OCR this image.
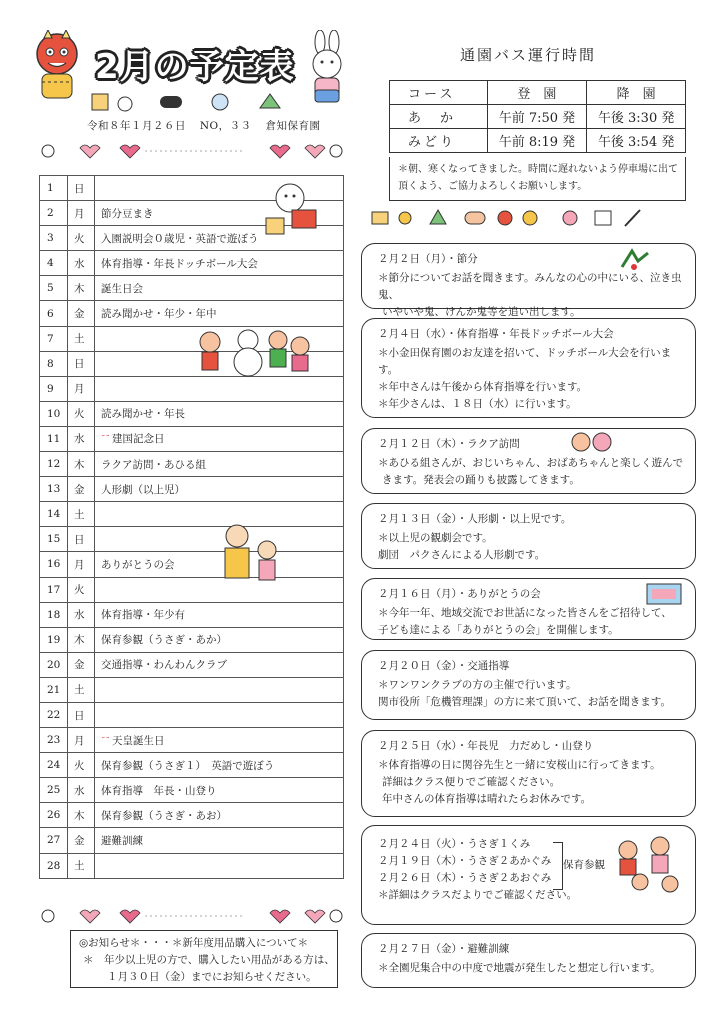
2月の予定表
令和８年１月２６日 NO，３３ 倉知保育園
通園バス運行時間
コース	登　園	降　園
あ　か	午前 7:50 発	午後 3:30 発
みどり	午前 8:19 発	午後 3:54 発
＊朝、寒くなってきました。時間に遅れないよう停車場に出て頂くよう、ご協力よろしくお願いします。
1	日	
2	月	節分豆まき
3	火	入園説明会０歳児・英語で遊ぼう
4	水	体育指導・年長ドッチボール大会
5	木	誕生日会
6	金	読み聞かせ・年少・年中
7	土	
8	日	
9	月	
10	火	読み聞かせ・年長
11	水	˘˘ 建国記念日
12	木	ラクア訪問・あひる組
13	金	人形劇（以上児）
14	土	
15	日	
16	月	ありがとうの会
17	火	
18	水	体育指導・年少有
19	木	保育参観（うさぎ・あか）
20	金	交通指導・わんわんクラブ
21	土	
22	日	
23	月	˘˘ 天皇誕生日
24	火	保育参観（うさぎ１）　英語で遊ぼう
25	水	体育指導　年長・山登り
26	木	保育参観（うさぎ・あお）
27	金	避難訓練
28	土	

２月２日（月）・節分

＊節分についてお話を聞きます。みんなの心の中にいる、泣き虫鬼、

いやいや鬼、けんか鬼等を追い出します。

２月４日（水）・体育指導・年長ドッチボール大会

＊小金田保育園のお友達を招いて、ドッチボール大会を行います。

＊年中さんは午後から体育指導を行います。

＊年少さんは、１８日（水）に行います。

２月１２日（木）・ラクア訪問

＊あひる組さんが、おじいちゃん、おばあちゃんと楽しく遊んで

きます。発表会の踊りも披露してきます。

２月１３日（金）・人形劇・以上児です。

＊以上児の観劇会です。

劇団　パクさんによる人形劇です。

２月１６日（月）・ありがとうの会

＊今年一年、地域交流でお世話になった皆さんをご招待して、

子ども達による「ありがとうの会」を開催します。

２月２０日（金）・交通指導

＊ワンワンクラブの方の主催で行います。

関市役所「危機管理課」の方に来て頂いて、お話を聞きます。

２月２５日（水）・年長児　力だめし・山登り

＊体育指導の日に関谷先生と一緒に安桜山に行ってきます。

詳細はクラス便りでご確認ください。

年中さんの体育指導は晴れたらお休みです。

２月２４日（火）・うさぎ１くみ

２月１９日（木）・うさぎ２あかぐみ

２月２６日（木）・うさぎ２あおぐみ

＊詳細はクラスだよりでご確認ください。

保育参観

２月２７日（金）・避難訓練

＊全園児集合中の中度で地震が発生したと想定し行います。

◎お知らせ＊・・・＊新年度用品購入について＊

＊　年少以上児の方で、購入したい用品がある方は、

１月３０日（金）までにお知らせください。
